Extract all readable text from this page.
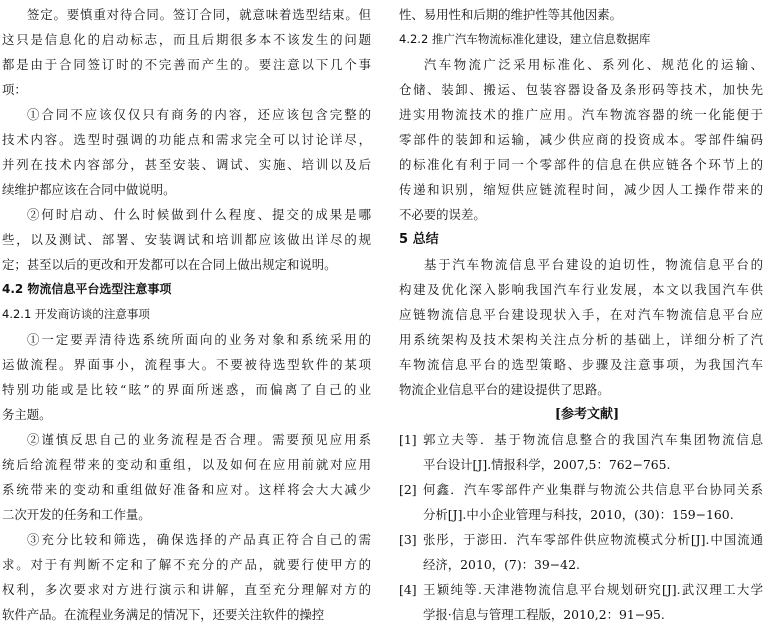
签定。要慎重对待合同。签订合同，就意味着选型结束。但
这只是信息化的启动标志，而且后期很多本不该发生的问题
都是由于合同签订时的不完善而产生的。要注意以下几个事
项：
①合同不应该仅仅只有商务的内容，还应该包含完整的
技术内容。选型时强调的功能点和需求完全可以讨论详尽，
并列在技术内容部分，甚至安装、调试、实施、培训以及后
续维护都应该在合同中做说明。
②何时启动、什么时候做到什么程度、提交的成果是哪
些，以及测试、部署、安装调试和培训都应该做出详尽的规
定；甚至以后的更改和开发都可以在合同上做出规定和说明。
4.2 物流信息平台选型注意事项
4.2.1 开发商访谈的注意事项
①一定要弄清待选系统所面向的业务对象和系统采用的
运做流程。界面事小，流程事大。不要被待选型软件的某项
特别功能或是比较“眩”的界面所迷惑，而偏离了自己的业
务主题。
②谨慎反思自己的业务流程是否合理。需要预见应用系
统后给流程带来的变动和重组，以及如何在应用前就对应用
系统带来的变动和重组做好准备和应对。这样将会大大减少
二次开发的任务和工作量。
③充分比较和筛选，确保选择的产品真正符合自己的需
求。对于有判断不定和了解不充分的产品，就要行使甲方的
权利，多次要求对方进行演示和讲解，直至充分理解对方的
软件产品。在流程业务满足的情况下，还要关注软件的操控
性、易用性和后期的维护性等其他因素。
4.2.2 推广汽车物流标准化建设，建立信息数据库
汽车物流广泛采用标准化、系列化、规范化的运输、
仓储、装卸、搬运、包装容器设备及条形码等技术，加快先
进实用物流技术的推广应用。汽车物流容器的统一化能便于
零部件的装卸和运输，减少供应商的投资成本。零部件编码
的标准化有利于同一个零部件的信息在供应链各个环节上的
传递和识别，缩短供应链流程时间，减少因人工操作带来的
不必要的误差。
5 总结
基于汽车物流信息平台建设的迫切性，物流信息平台的
构建及优化深入影响我国汽车行业发展，本文以我国汽车供
应链物流信息平台建设现状入手，在对汽车物流信息平台应
用系统架构及技术架构关注点分析的基础上，详细分析了汽
车物流信息平台的选型策略、步骤及注意事项，为我国汽车
物流企业信息平台的建设提供了思路。
[参考文献]
[1] 郭立夫等．基于物流信息整合的我国汽车集团物流信息
平台设计[J].情报科学，2007,5：762−765.
[2] 何鑫．汽车零部件产业集群与物流公共信息平台协同关系
分析[J].中小企业管理与科技，2010，(30)：159−160.
[3] 张彤，于澎田．汽车零部件供应物流模式分析[J].中国流通
经济，2010，(7)：39−42.
[4] 王颖纯等.天津港物流信息平台规划研究[J].武汉理工大学
学报·信息与管理工程版，2010,2：91−95.
